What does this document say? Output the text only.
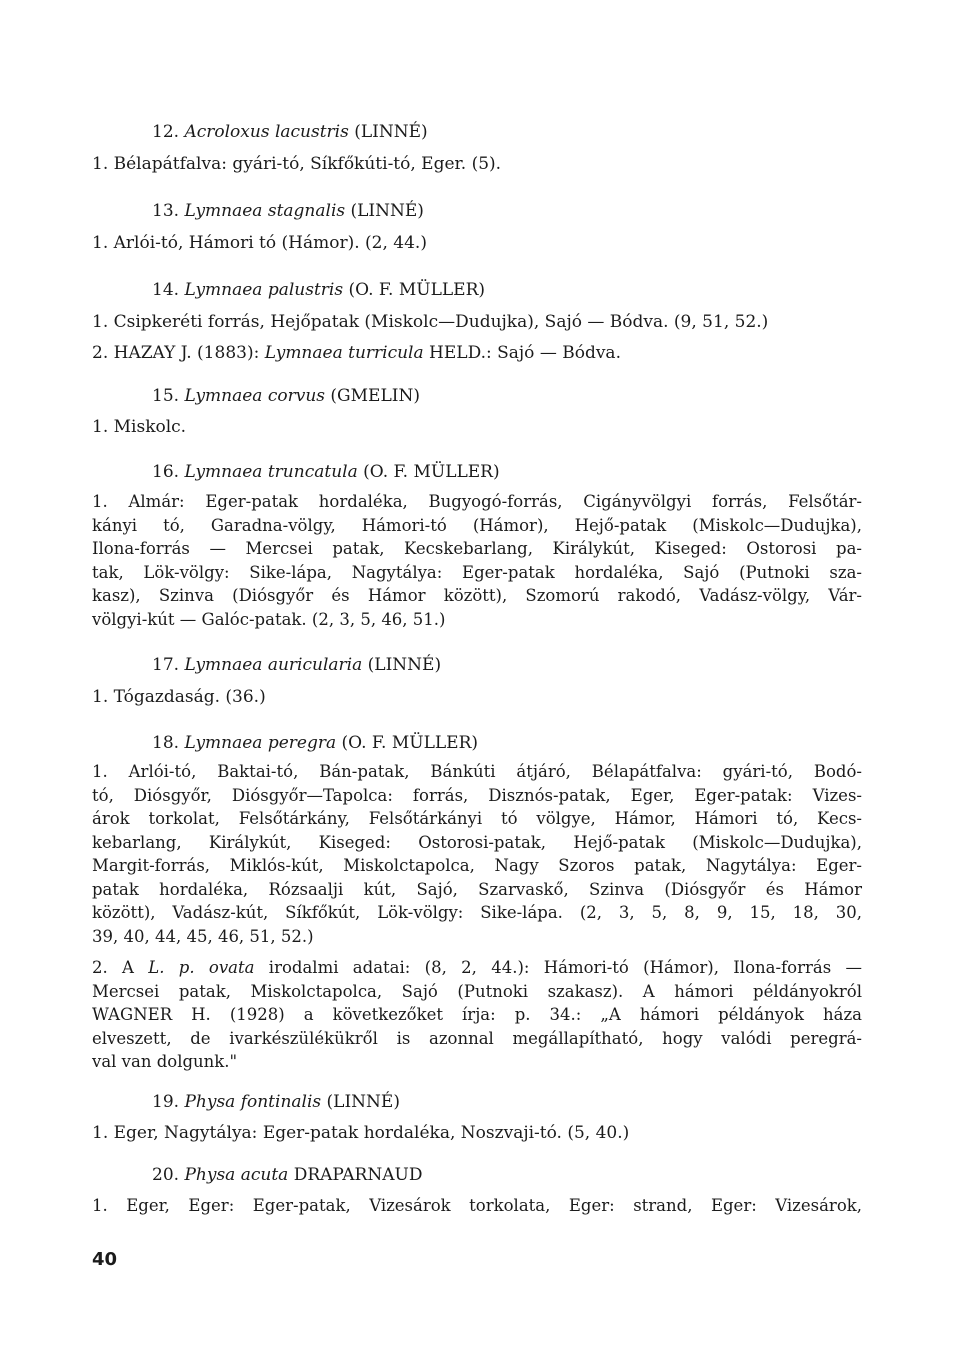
12. Acroloxus lacustris (LINNÉ)
1. Bélapátfalva: gyári-tó, Síkfőkúti-tó, Eger. (5).
13. Lymnaea stagnalis (LINNÉ)
1. Arlói-tó, Hámori tó (Hámor). (2, 44.)
14. Lymnaea palustris (O. F. MÜLLER)
1. Csipkeréti forrás, Hejőpatak (Miskolc—Dudujka), Sajó — Bódva. (9, 51, 52.)
2. HAZAY J. (1883): Lymnaea turricula HELD.: Sajó — Bódva.
15. Lymnaea corvus (GMELIN)
1. Miskolc.
16. Lymnaea truncatula (O. F. MÜLLER)
1. Almár: Eger-patak hordaléka, Bugyogó-forrás, Cigányvölgyi forrás, Felsőtár-
kányi tó, Garadna-völgy, Hámori-tó (Hámor), Hejő-patak (Miskolc—Dudujka),
Ilona-forrás — Mercsei patak, Kecskebarlang, Királykút, Kiseged: Ostorosi pa-
tak, Lök-völgy: Sike-lápa, Nagytálya: Eger-patak hordaléka, Sajó (Putnoki sza-
kasz), Szinva (Diósgyőr és Hámor között), Szomorú rakodó, Vadász-völgy, Vár-
völgyi-kút — Galóc-patak. (2, 3, 5, 46, 51.)
17. Lymnaea auricularia (LINNÉ)
1. Tógazdaság. (36.)
18. Lymnaea peregra (O. F. MÜLLER)
1. Arlói-tó, Baktai-tó, Bán-patak, Bánkúti átjáró, Bélapátfalva: gyári-tó, Bodó-
tó, Diósgyőr, Diósgyőr—Tapolca: forrás, Disznós-patak, Eger, Eger-patak: Vizes-
árok torkolat, Felsőtárkány, Felsőtárkányi tó völgye, Hámor, Hámori tó, Kecs-
kebarlang, Királykút, Kiseged: Ostorosi-patak, Hejő-patak (Miskolc—Dudujka),
Margit-forrás, Miklós-kút, Miskolctapolca, Nagy Szoros patak, Nagytálya: Eger-
patak hordaléka, Rózsaalji kút, Sajó, Szarvaskő, Szinva (Diósgyőr és Hámor
között), Vadász-kút, Síkfőkút, Lök-völgy: Sike-lápa. (2, 3, 5, 8, 9, 15, 18, 30,
39, 40, 44, 45, 46, 51, 52.)
2. A L. p. ovata irodalmi adatai: (8, 2, 44.): Hámori-tó (Hámor), Ilona-forrás —
Mercsei patak, Miskolctapolca, Sajó (Putnoki szakasz). A hámori példányokról
WAGNER H. (1928) a következőket írja: p. 34.: „A hámori példányok háza
elveszett, de ivarkészülékükről is azonnal megállapítható, hogy valódi peregrá-
val van dolgunk."
19. Physa fontinalis (LINNÉ)
1. Eger, Nagytálya: Eger-patak hordaléka, Noszvaji-tó. (5, 40.)
20. Physa acuta DRAPARNAUD
1. Eger, Eger: Eger-patak, Vizesárok torkolata, Eger: strand, Eger: Vizesárok,
40
